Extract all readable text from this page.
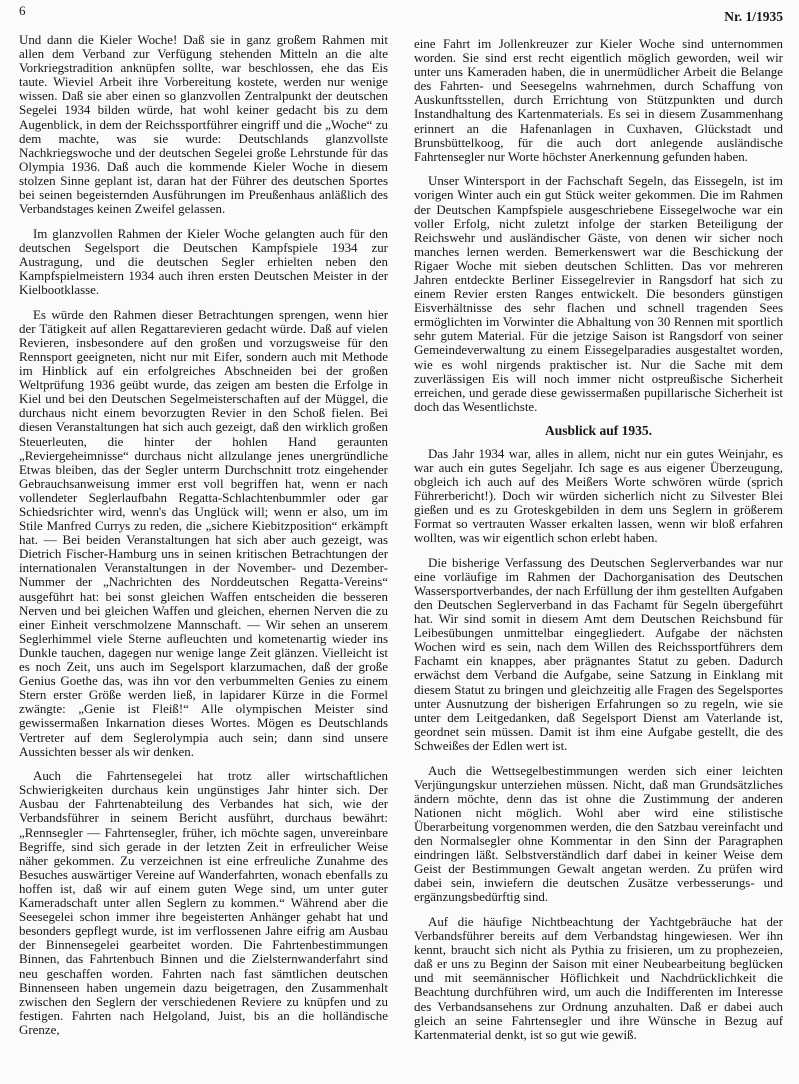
6	Nr. 1/1935

Und dann die Kieler Woche! Daß sie in ganz großem Rahmen mit allen dem Verband zur Verfügung stehenden Mitteln an die alte Vorkriegstradition anknüpfen sollte, war beschlossen, ehe das Eis taute. Wieviel Arbeit ihre Vorbereitung kostete, werden nur wenige wissen. Daß sie aber einen so glanzvollen Zentralpunkt der deutschen Segelei 1934 bilden würde, hat wohl keiner gedacht bis zu dem Augenblick, in dem der Reichssportführer eingriff und die „Woche“ zu dem machte, was sie wurde: Deutschlands glanzvollste Nachkriegswoche und der deutschen Segelei große Lehrstunde für das Olympia 1936. Daß auch die kommende Kieler Woche in diesem stolzen Sinne geplant ist, daran hat der Führer des deutschen Sportes bei seinen begeisternden Ausführungen im Preußenhaus anläßlich des Verbandstages keinen Zweifel gelassen.

Im glanzvollen Rahmen der Kieler Woche gelangten auch für den deutschen Segelsport die Deutschen Kampfspiele 1934 zur Austragung, und die deutschen Segler erhielten neben den Kampfspielmeistern 1934 auch ihren ersten Deutschen Meister in der Kielbootklasse.

Es würde den Rahmen dieser Betrachtungen sprengen, wenn hier der Tätigkeit auf allen Regattarevieren gedacht würde. Daß auf vielen Revieren, insbesondere auf den großen und vorzugsweise für den Rennsport geeigneten, nicht nur mit Eifer, sondern auch mit Methode im Hinblick auf ein erfolgreiches Abschneiden bei der großen Weltprüfung 1936 geübt wurde, das zeigen am besten die Erfolge in Kiel und bei den Deutschen Segelmeisterschaften auf der Müggel, die durchaus nicht einem bevorzugten Revier in den Schoß fielen. Bei diesen Veranstaltungen hat sich auch gezeigt, daß den wirklich großen Steuerleuten, die hinter der hohlen Hand geraunten „Reviergeheimnisse“ durchaus nicht allzulange jenes unergründliche Etwas bleiben, das der Segler unterm Durchschnitt trotz eingehender Gebrauchsanweisung immer erst voll begriffen hat, wenn er nach vollendeter Seglerlaufbahn Regatta-Schlachtenbummler oder gar Schiedsrichter wird, wenn's das Unglück will; wenn er also, um im Stile Manfred Currys zu reden, die „sichere Kiebitzposition“ erkämpft hat. — Bei beiden Veranstaltungen hat sich aber auch gezeigt, was Dietrich Fischer-Hamburg uns in seinen kritischen Betrachtungen der internationalen Veranstaltungen in der November- und Dezember-Nummer der „Nachrichten des Norddeutschen Regatta-Vereins“ ausgeführt hat: bei sonst gleichen Waffen entscheiden die besseren Nerven und bei gleichen Waffen und gleichen, ehernen Nerven die zu einer Einheit verschmolzene Mannschaft. — Wir sehen an unserem Seglerhimmel viele Sterne aufleuchten und kometenartig wieder ins Dunkle tauchen, dagegen nur wenige lange Zeit glänzen. Vielleicht ist es noch Zeit, uns auch im Segelsport klarzumachen, daß der große Genius Goethe das, was ihn vor den verbummelten Genies zu einem Stern erster Größe werden ließ, in lapidarer Kürze in die Formel zwängte: „Genie ist Fleiß!“ Alle olympischen Meister sind gewissermaßen Inkarnation dieses Wortes. Mögen es Deutschlands Vertreter auf dem Seglerolympia auch sein; dann sind unsere Aussichten besser als wir denken.

Auch die Fahrtensegelei hat trotz aller wirtschaftlichen Schwierigkeiten durchaus kein ungünstiges Jahr hinter sich. Der Ausbau der Fahrtenabteilung des Verbandes hat sich, wie der Verbandsführer in seinem Bericht ausführt, durchaus bewährt: „Rennsegler — Fahrtensegler, früher, ich möchte sagen, unvereinbare Begriffe, sind sich gerade in der letzten Zeit in erfreulicher Weise näher gekommen. Zu verzeichnen ist eine erfreuliche Zunahme des Besuches auswärtiger Vereine auf Wanderfahrten, wonach ebenfalls zu hoffen ist, daß wir auf einem guten Wege sind, um unter guter Kameradschaft unter allen Seglern zu kommen.“ Während aber die Seesegelei schon immer ihre begeisterten Anhänger gehabt hat und besonders gepflegt wurde, ist im verflossenen Jahre eifrig am Ausbau der Binnensegelei gearbeitet worden. Die Fahrtenbestimmungen Binnen, das Fahrtenbuch Binnen und die Zielsternwanderfahrt sind neu geschaffen worden. Fahrten nach fast sämtlichen deutschen Binnenseen haben ungemein dazu beigetragen, den Zusammenhalt zwischen den Seglern der verschiedenen Reviere zu knüpfen und zu festigen. Fahrten nach Helgoland, Juist, bis an die holländische Grenze,

eine Fahrt im Jollenkreuzer zur Kieler Woche sind unternommen worden. Sie sind erst recht eigentlich möglich geworden, weil wir unter uns Kameraden haben, die in unermüdlicher Arbeit die Belange des Fahrten- und Seesegelns wahrnehmen, durch Schaffung von Auskunftsstellen, durch Errichtung von Stützpunkten und durch Instandhaltung des Kartenmaterials. Es sei in diesem Zusammenhang erinnert an die Hafenanlagen in Cuxhaven, Glückstadt und Brunsbüttelkoog, für die auch dort anlegende ausländische Fahrtensegler nur Worte höchster Anerkennung gefunden haben.

Unser Wintersport in der Fachschaft Segeln, das Eissegeln, ist im vorigen Winter auch ein gut Stück weiter gekommen. Die im Rahmen der Deutschen Kampfspiele ausgeschriebene Eissegelwoche war ein voller Erfolg, nicht zuletzt infolge der starken Beteiligung der Reichswehr und ausländischer Gäste, von denen wir sicher noch manches lernen werden. Bemerkenswert war die Beschickung der Rigaer Woche mit sieben deutschen Schlitten. Das vor mehreren Jahren entdeckte Berliner Eissegelrevier in Rangsdorf hat sich zu einem Revier ersten Ranges entwickelt. Die besonders günstigen Eisverhältnisse des sehr flachen und schnell tragenden Sees ermöglichten im Vorwinter die Abhaltung von 30 Rennen mit sportlich sehr gutem Material. Für die jetzige Saison ist Rangsdorf von seiner Gemeindeverwaltung zu einem Eissegelparadies ausgestaltet worden, wie es wohl nirgends praktischer ist. Nur die Sache mit dem zuverlässigen Eis will noch immer nicht ostpreußische Sicherheit erreichen, und gerade diese gewissermaßen pupillarische Sicherheit ist doch das Wesentlichste.

Ausblick auf 1935.

Das Jahr 1934 war, alles in allem, nicht nur ein gutes Weinjahr, es war auch ein gutes Segeljahr. Ich sage es aus eigener Überzeugung, obgleich ich auch auf des Meißers Worte schwören würde (sprich Führerbericht!). Doch wir würden sicherlich nicht zu Silvester Blei gießen und es zu Groteskgebilden in dem uns Seglern in größerem Format so vertrauten Wasser erkalten lassen, wenn wir bloß erfahren wollten, was wir eigentlich schon erlebt haben.

Die bisherige Verfassung des Deutschen Seglerverbandes war nur eine vorläufige im Rahmen der Dachorganisation des Deutschen Wassersportverbandes, der nach Erfüllung der ihm gestellten Aufgaben den Deutschen Seglerverband in das Fachamt für Segeln übergeführt hat. Wir sind somit in diesem Amt dem Deutschen Reichsbund für Leibesübungen unmittelbar eingegliedert. Aufgabe der nächsten Wochen wird es sein, nach dem Willen des Reichssportführers dem Fachamt ein knappes, aber prägnantes Statut zu geben. Dadurch erwächst dem Verband die Aufgabe, seine Satzung in Einklang mit diesem Statut zu bringen und gleichzeitig alle Fragen des Segelsportes unter Ausnutzung der bisherigen Erfahrungen so zu regeln, wie sie unter dem Leitgedanken, daß Segelsport Dienst am Vaterlande ist, geordnet sein müssen. Damit ist ihm eine Aufgabe gestellt, die des Schweißes der Edlen wert ist.

Auch die Wettsegelbestimmungen werden sich einer leichten Verjüngungskur unterziehen müssen. Nicht, daß man Grundsätzliches ändern möchte, denn das ist ohne die Zustimmung der anderen Nationen nicht möglich. Wohl aber wird eine stilistische Überarbeitung vorgenommen werden, die den Satzbau vereinfacht und den Normalsegler ohne Kommentar in den Sinn der Paragraphen eindringen läßt. Selbstverständlich darf dabei in keiner Weise dem Geist der Bestimmungen Gewalt angetan werden. Zu prüfen wird dabei sein, inwiefern die deutschen Zusätze verbesserungs- und ergänzungsbedürftig sind.

Auf die häufige Nichtbeachtung der Yachtgebräuche hat der Verbandsführer bereits auf dem Verbandstag hingewiesen. Wer ihn kennt, braucht sich nicht als Pythia zu frisieren, um zu prophezeien, daß er uns zu Beginn der Saison mit einer Neubearbeitung beglücken und mit seemännischer Höflichkeit und Nachdrücklichkeit die Beachtung durchführen wird, um auch die Indifferenten im Interesse des Verbandsansehens zur Ordnung anzuhalten. Daß er dabei auch gleich an seine Fahrtensegler und ihre Wünsche in Bezug auf Kartenmaterial denkt, ist so gut wie gewiß.
